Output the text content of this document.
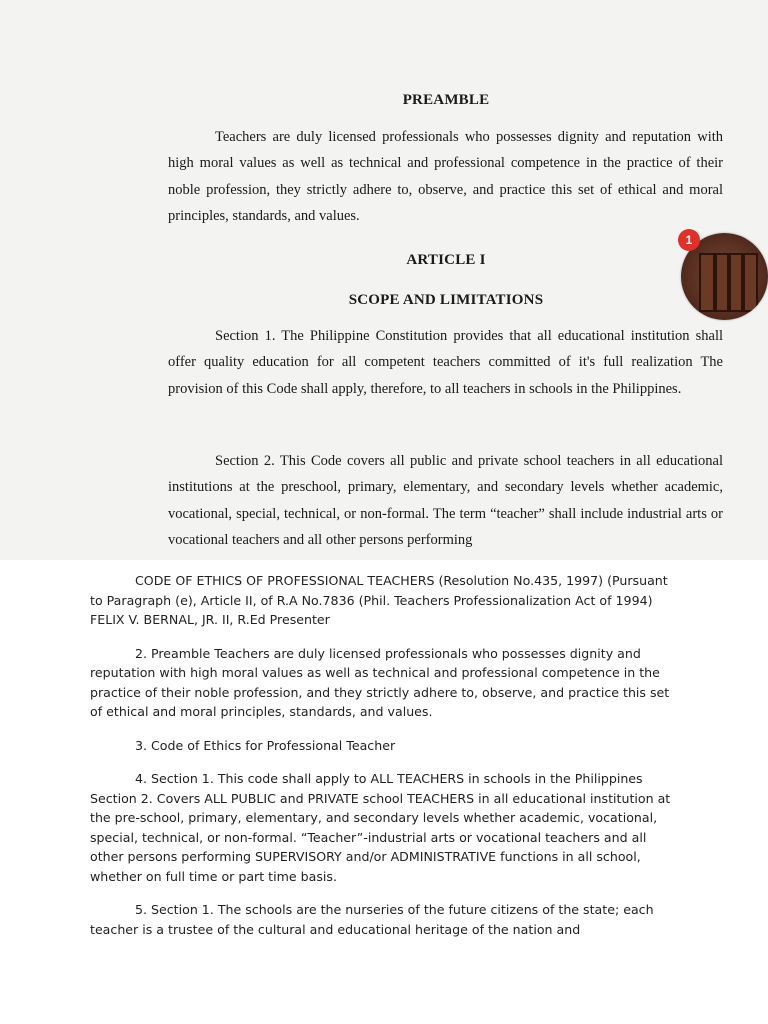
PREAMBLE
Teachers are duly licensed professionals who possesses dignity and reputation with high moral values as well as technical and professional competence in the practice of their noble profession, they strictly adhere to, observe, and practice this set of ethical and moral principles, standards, and values.
ARTICLE I
SCOPE AND LIMITATIONS
Section 1. The Philippine Constitution provides that all educational institution shall offer quality education for all competent teachers committed of it's full realization The provision of this Code shall apply, therefore, to all teachers in schools in the Philippines.
Section 2. This Code covers all public and private school teachers in all educational institutions at the preschool, primary, elementary, and secondary levels whether academic, vocational, special, technical, or non-formal. The term “teacher” shall include industrial arts or vocational teachers and all other persons performing
1

CODE OF ETHICS OF PROFESSIONAL TEACHERS (Resolution No.435, 1997) (Pursuant to Paragraph (e), Article II, of R.A No.7836 (Phil. Teachers Professionalization Act of 1994) FELIX V. BERNAL, JR. II, R.Ed Presenter

2. Preamble Teachers are duly licensed professionals who possesses dignity and reputation with high moral values as well as technical and professional competence in the practice of their noble profession, and they strictly adhere to, observe, and practice this set of ethical and moral principles, standards, and values.

3. Code of Ethics for Professional Teacher

4. Section 1. This code shall apply to ALL TEACHERS in schools in the Philippines Section 2. Covers ALL PUBLIC and PRIVATE school TEACHERS in all educational institution at the pre-school, primary, elementary, and secondary levels whether academic, vocational, special, technical, or non-formal. “Teacher”-industrial arts or vocational teachers and all other persons performing SUPERVISORY and/or ADMINISTRATIVE functions in all school, whether on full time or part time basis.

5. Section 1. The schools are the nurseries of the future citizens of the state; each teacher is a trustee of the cultural and educational heritage of the nation and
